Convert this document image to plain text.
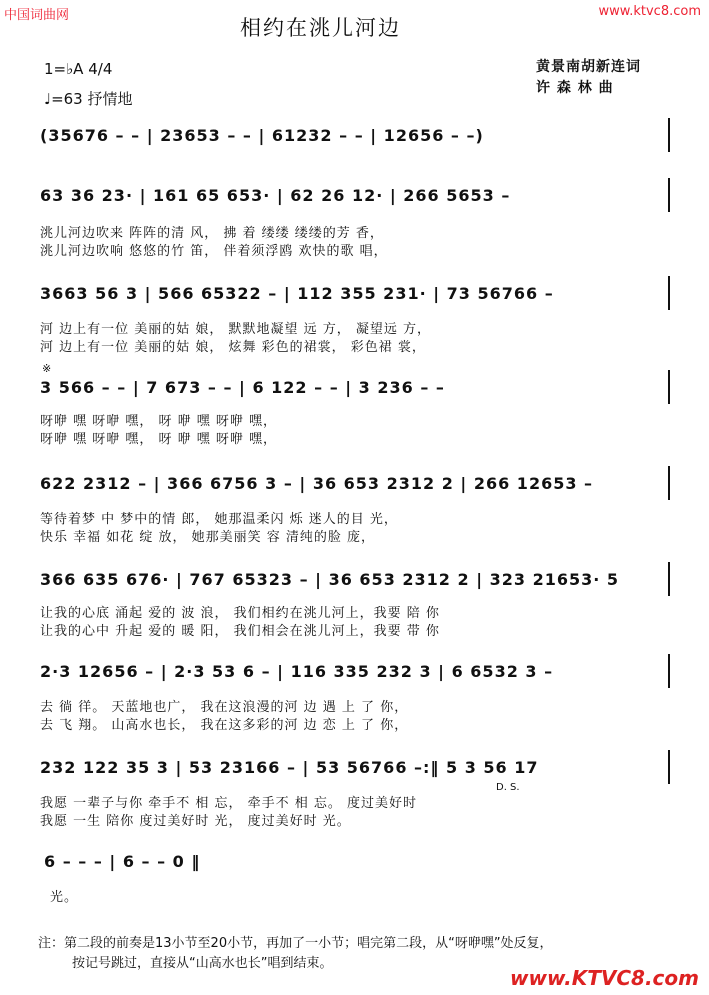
中国词曲网	www.ktvc8.com
相约在洮儿河边
1=♭A 4/4
♩=63 抒情地
黄景南胡新连词
许 森 林 曲
(35676 – – | 23653 – – | 61232 – – | 12656 – –)
63 36 23· | 161 65 653· | 62 26 12· | 266 5653 –
洮儿河边吹来 阵阵的清 风， 拂 着 缕缕 缕缕的芳 香，
洮儿河边吹响 悠悠的竹 笛， 伴着须浮鸥 欢快的歌 唱，
3663 56 3 | 566 65322 – | 112 355 231· | 73 56766 –
河 边上有一位 美丽的姑 娘， 默默地凝望 远 方， 凝望远 方，
河 边上有一位 美丽的姑 娘， 炫舞 彩色的裙裳， 彩色裙 裳，
※
3 566 – – | 7 673 – – | 6 122 – – | 3 236 – –
呀咿 嘿 呀咿 嘿， 呀 咿 嘿 呀咿 嘿，
呀咿 嘿 呀咿 嘿， 呀 咿 嘿 呀咿 嘿，
622 2312 – | 366 6756 3 – | 36 653 2312 2 | 266 12653 –
等待着梦 中 梦中的情 郎， 她那温柔闪 烁 迷人的目 光，
快乐 幸福 如花 绽 放， 她那美丽笑 容 清纯的脸 庞，
366 635 676· | 767 65323 – | 36 653 2312 2 | 323 21653· 5
让我的心底 涌起 爱的 波 浪， 我们相约在洮儿河上，我要 陪 你
让我的心中 升起 爱的 暖 阳， 我们相会在洮儿河上，我要 带 你
2·3 12656 – | 2·3 53 6 – | 116 335 232 3 | 6 6532 3 –
去 徜 徉。 天蓝地也广， 我在这浪漫的河 边 遇 上 了 你，
去 飞 翔。 山高水也长， 我在这多彩的河 边 恋 上 了 你，
232 122 35 3 | 53 23166 – | 53 56766 –:‖ 5 3 56 17
D. S.
我愿 一辈子与你 牵手不 相 忘， 牵手不 相 忘。 度过美好时
我愿 一生 陪你 度过美好时 光， 度过美好时 光。
6 – – – | 6 – – 0 ‖
光。
注：第二段的前奏是13小节至20小节，再加了一小节；唱完第二段，从“呀咿嘿”处反复，
按记号跳过，直接从“山高水也长”唱到结束。
www.KTVC8.com
